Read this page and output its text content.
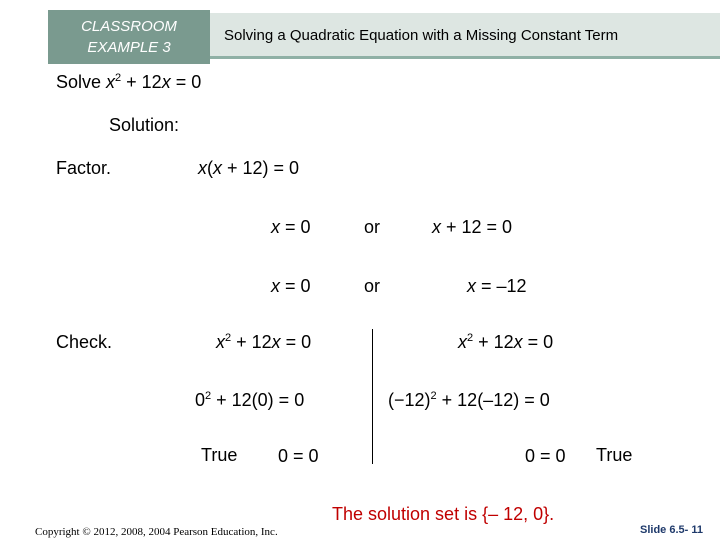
CLASSROOM
EXAMPLE 3
Solving a Quadratic Equation with a Missing Constant Term
Solve $x^2 + 12x = 0$
Solution:
Factor.	x(x + 12) = 0
x = 0	or	x + 12 = 0
x = 0	or	x = –12
Check.	$x^2 + 12x = 0$	$x^2 + 12x = 0$
$0^2 + 12(0) = 0$	$(-12)^2 + 12(-12) = 0$
True 0 = 0	0 = 0 True
The solution set is {– 12, 0}.
Copyright © 2012, 2008, 2004 Pearson Education, Inc.	Slide 6.5- 11
